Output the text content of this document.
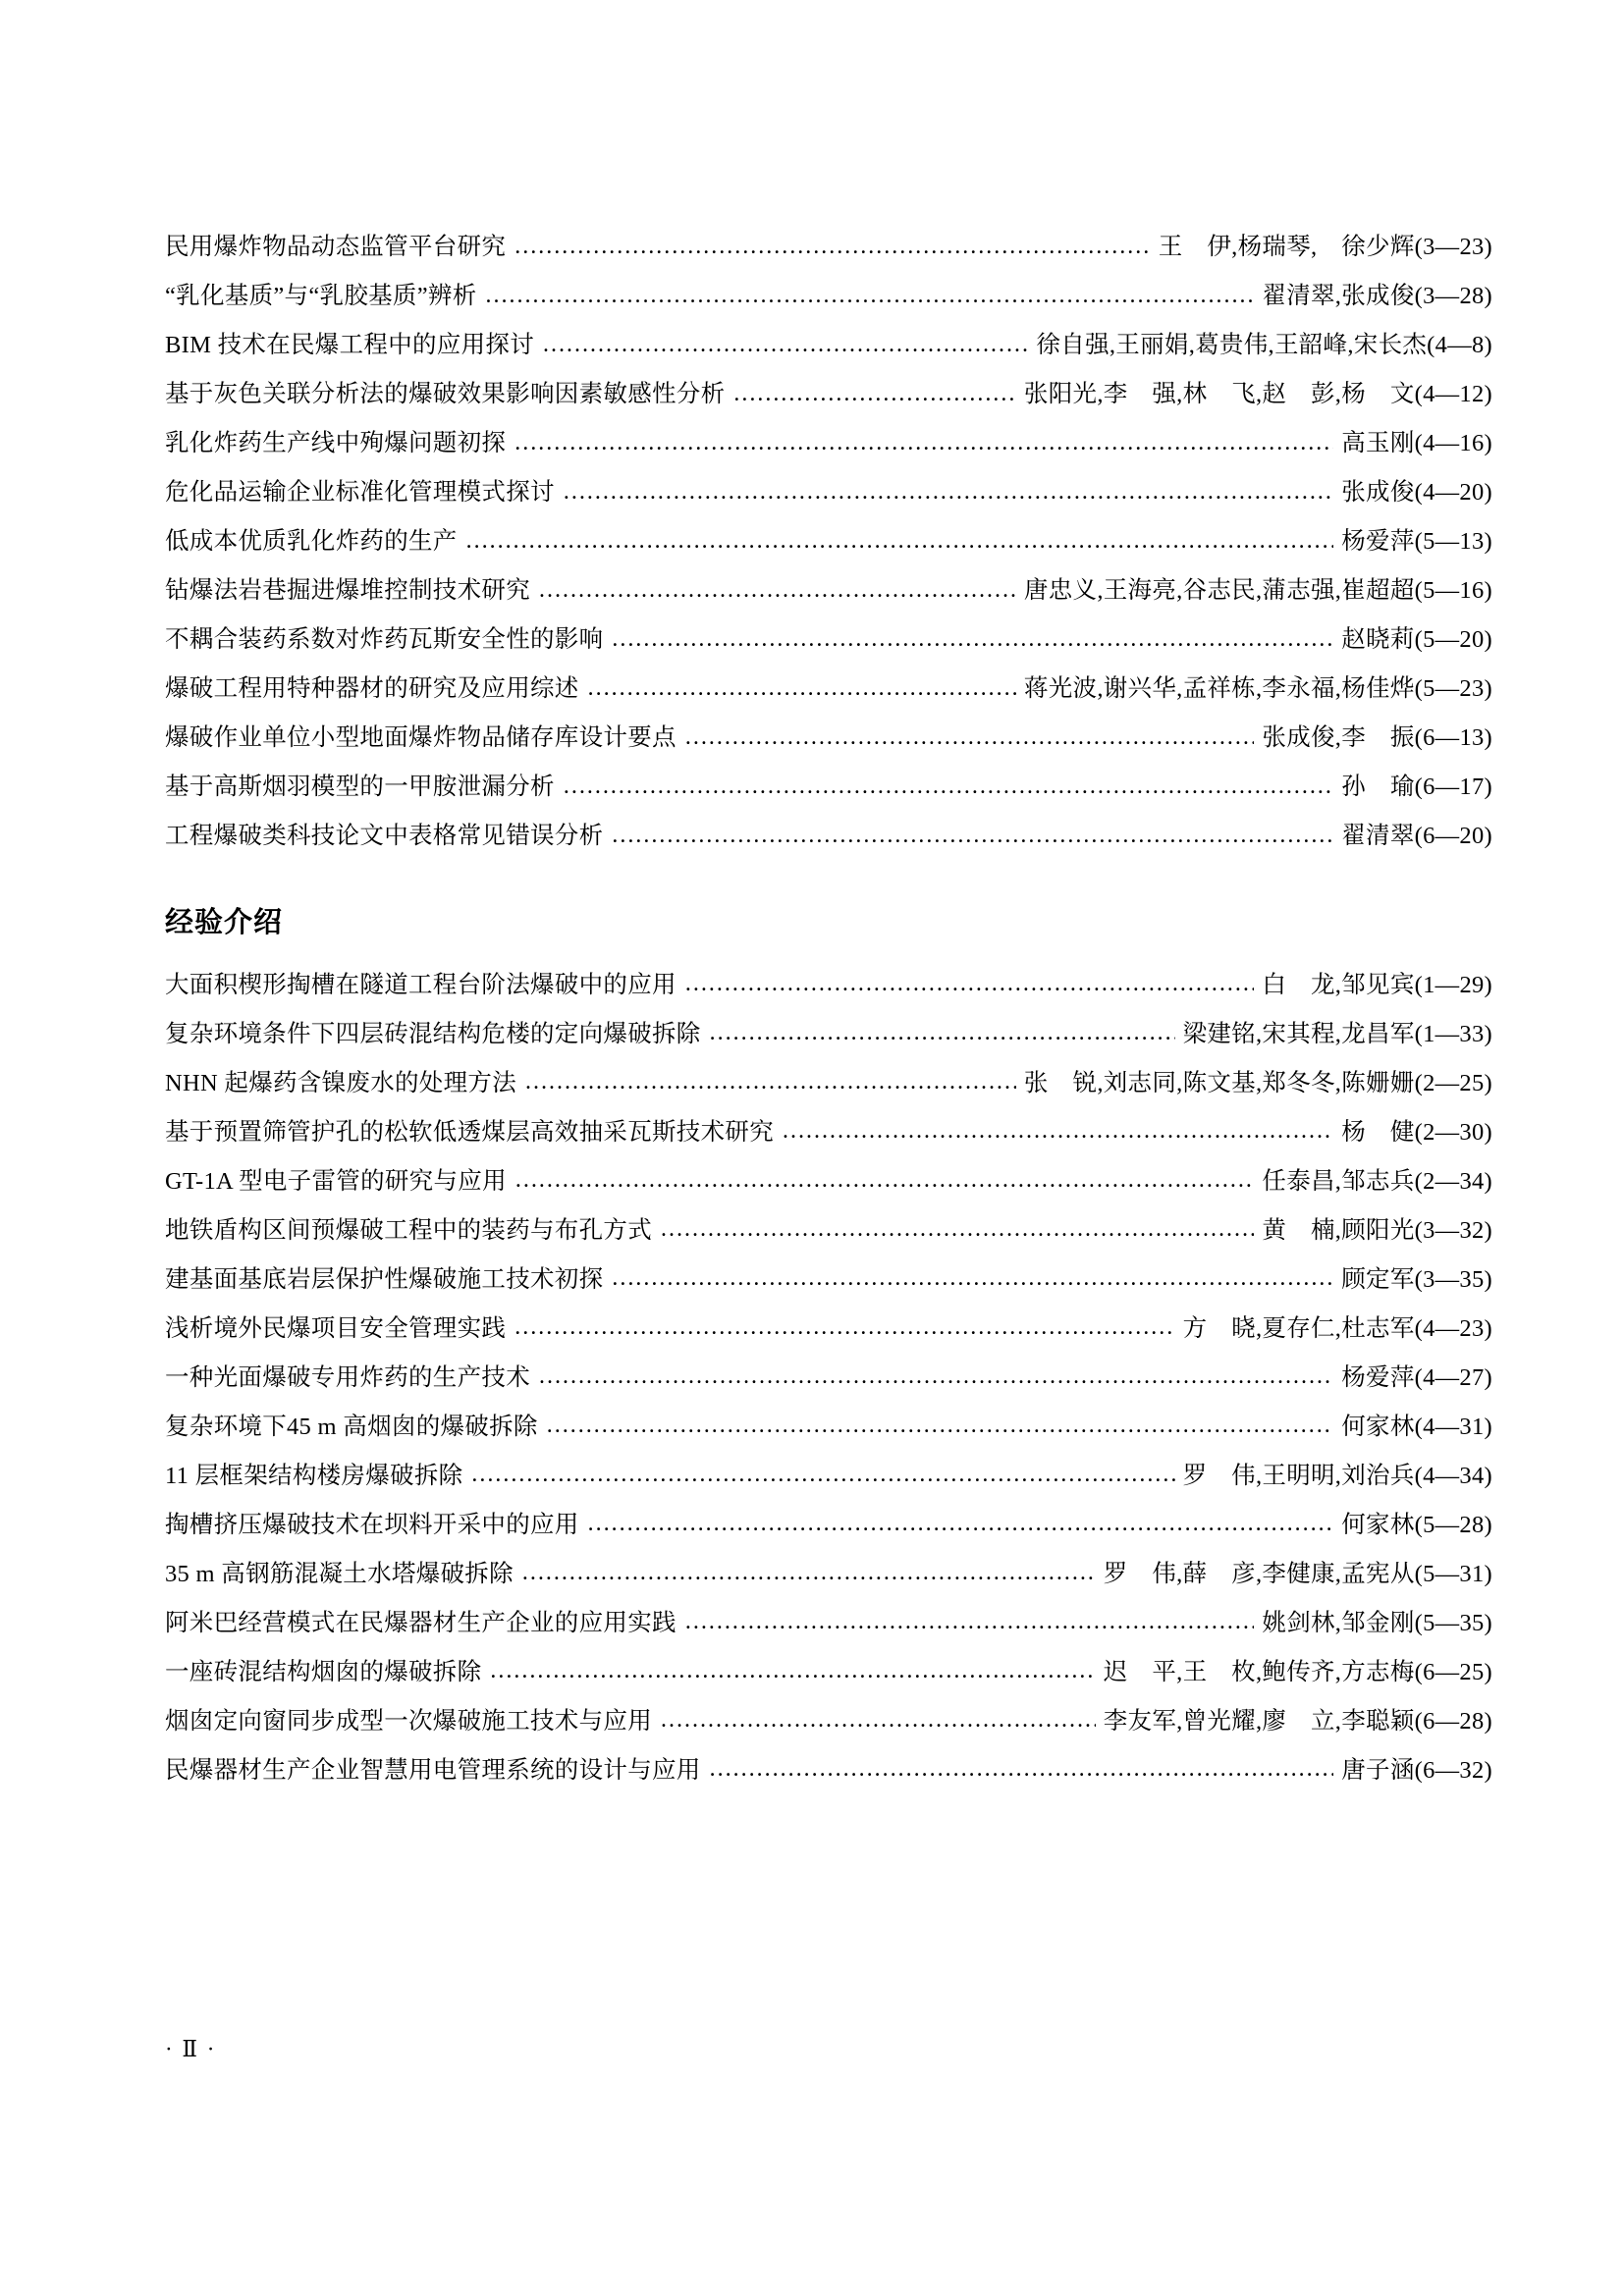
民用爆炸物品动态监管平台研究 …………………………………………………………………………………………………………………………………………………………………………………………………………………………	王　伊,杨瑞琴,　徐少辉(3—23)
“乳化基质”与“乳胶基质”辨析 …………………………………………………………………………………………………………………………………………………………………………………………………………………………	翟清翠,张成俊(3—28)
BIM 技术在民爆工程中的应用探讨 …………………………………………………………………………………………………………………………………………………………………………………………………………………………	徐自强,王丽娟,葛贵伟,王韶峰,宋长杰(4—8)
基于灰色关联分析法的爆破效果影响因素敏感性分析 …………………………………………………………………………………………………………………………………………………………………………………………………………………………	张阳光,李　强,林　飞,赵　彭,杨　文(4—12)
乳化炸药生产线中殉爆问题初探 …………………………………………………………………………………………………………………………………………………………………………………………………………………………	高玉刚(4—16)
危化品运输企业标准化管理模式探讨 …………………………………………………………………………………………………………………………………………………………………………………………………………………………	张成俊(4—20)
低成本优质乳化炸药的生产 …………………………………………………………………………………………………………………………………………………………………………………………………………………………	杨爱萍(5—13)
钻爆法岩巷掘进爆堆控制技术研究 …………………………………………………………………………………………………………………………………………………………………………………………………………………………	唐忠义,王海亮,谷志民,蒲志强,崔超超(5—16)
不耦合装药系数对炸药瓦斯安全性的影响 …………………………………………………………………………………………………………………………………………………………………………………………………………………………	赵晓莉(5—20)
爆破工程用特种器材的研究及应用综述 …………………………………………………………………………………………………………………………………………………………………………………………………………………………	蒋光波,谢兴华,孟祥栋,李永福,杨佳烨(5—23)
爆破作业单位小型地面爆炸物品储存库设计要点 …………………………………………………………………………………………………………………………………………………………………………………………………………………………	张成俊,李　振(6—13)
基于高斯烟羽模型的一甲胺泄漏分析 …………………………………………………………………………………………………………………………………………………………………………………………………………………………	孙　瑜(6—17)
工程爆破类科技论文中表格常见错误分析 …………………………………………………………………………………………………………………………………………………………………………………………………………………………	翟清翠(6—20)
经验介绍
大面积楔形掏槽在隧道工程台阶法爆破中的应用 …………………………………………………………………………………………………………………………………………………………………………………………………………………………	白　龙,邹见宾(1—29)
复杂环境条件下四层砖混结构危楼的定向爆破拆除 …………………………………………………………………………………………………………………………………………………………………………………………………………………………	梁建铭,宋其程,龙昌军(1—33)
NHN 起爆药含镍废水的处理方法 …………………………………………………………………………………………………………………………………………………………………………………………………………………………	张　锐,刘志同,陈文基,郑冬冬,陈姗姗(2—25)
基于预置筛管护孔的松软低透煤层高效抽采瓦斯技术研究 …………………………………………………………………………………………………………………………………………………………………………………………………………………………	杨　健(2—30)
GT-1A 型电子雷管的研究与应用 …………………………………………………………………………………………………………………………………………………………………………………………………………………………	任泰昌,邹志兵(2—34)
地铁盾构区间预爆破工程中的装药与布孔方式 …………………………………………………………………………………………………………………………………………………………………………………………………………………………	黄　楠,顾阳光(3—32)
建基面基底岩层保护性爆破施工技术初探 …………………………………………………………………………………………………………………………………………………………………………………………………………………………	顾定军(3—35)
浅析境外民爆项目安全管理实践 …………………………………………………………………………………………………………………………………………………………………………………………………………………………	方　晓,夏存仁,杜志军(4—23)
一种光面爆破专用炸药的生产技术 …………………………………………………………………………………………………………………………………………………………………………………………………………………………	杨爱萍(4—27)
复杂环境下45 m 高烟囱的爆破拆除 …………………………………………………………………………………………………………………………………………………………………………………………………………………………	何家林(4—31)
11 层框架结构楼房爆破拆除 …………………………………………………………………………………………………………………………………………………………………………………………………………………………	罗　伟,王明明,刘治兵(4—34)
掏槽挤压爆破技术在坝料开采中的应用 …………………………………………………………………………………………………………………………………………………………………………………………………………………………	何家林(5—28)
35 m 高钢筋混凝土水塔爆破拆除 …………………………………………………………………………………………………………………………………………………………………………………………………………………………	罗　伟,薛　彦,李健康,孟宪从(5—31)
阿米巴经营模式在民爆器材生产企业的应用实践 …………………………………………………………………………………………………………………………………………………………………………………………………………………………	姚剑林,邹金刚(5—35)
一座砖混结构烟囱的爆破拆除 …………………………………………………………………………………………………………………………………………………………………………………………………………………………	迟　平,王　枚,鲍传齐,方志梅(6—25)
烟囱定向窗同步成型一次爆破施工技术与应用 …………………………………………………………………………………………………………………………………………………………………………………………………………………………	李友军,曾光耀,廖　立,李聪颖(6—28)
民爆器材生产企业智慧用电管理系统的设计与应用 …………………………………………………………………………………………………………………………………………………………………………………………………………………………	唐子涵(6—32)
· Ⅱ ·
